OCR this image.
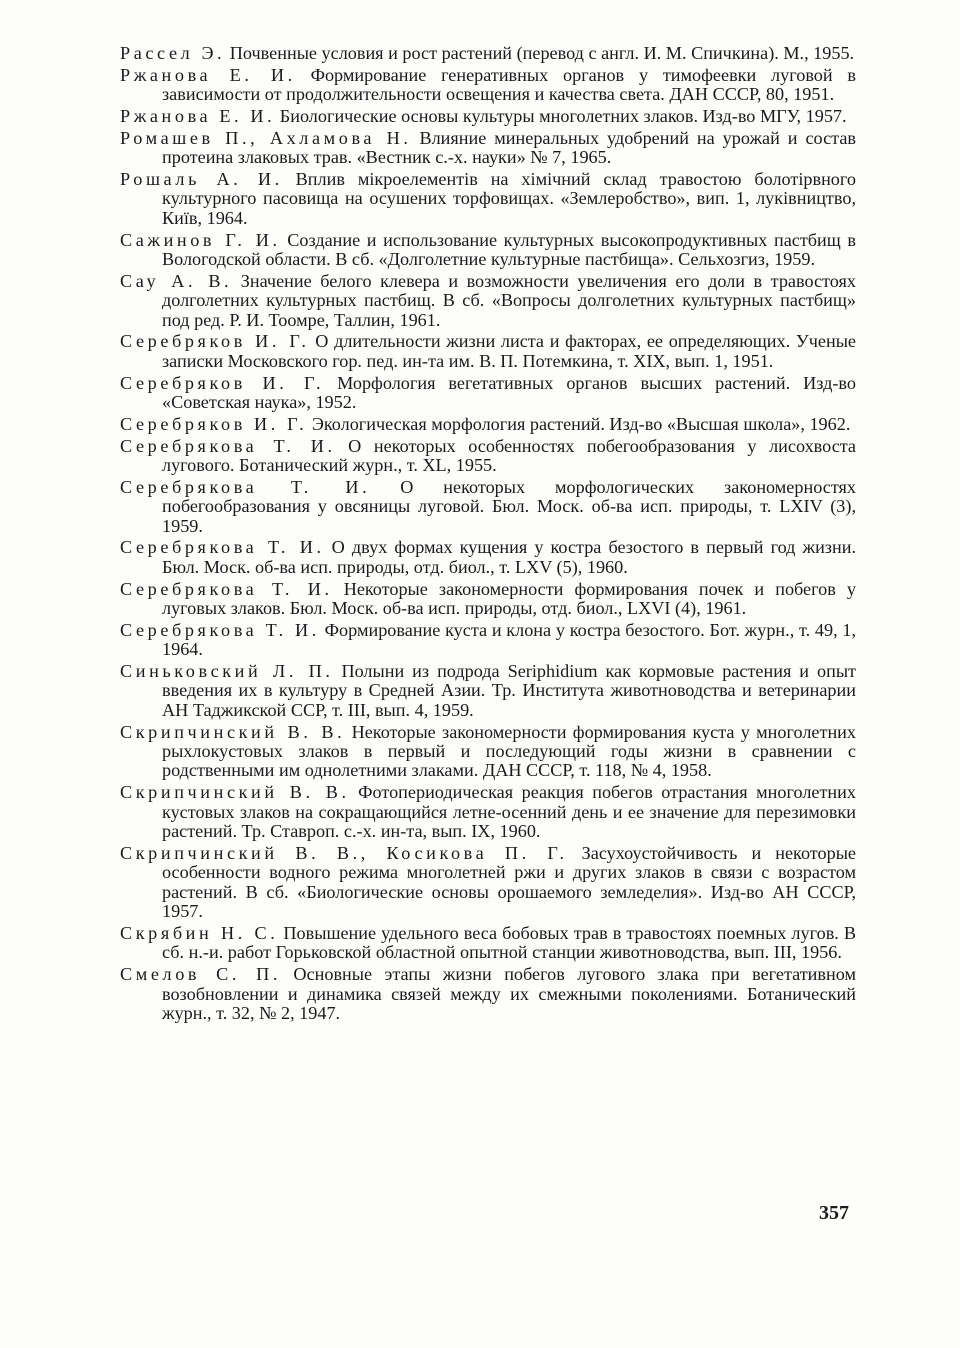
Рассел Э. Почвенные условия и рост растений (перевод с англ. И. М. Спичкина). М., 1955.

Ржанова Е. И. Формирование генеративных органов у тимофеевки луговой в зависимости от продолжительности освещения и качества света. ДАН СССР, 80, 1951.

Ржанова Е. И. Биологические основы культуры многолетних злаков. Изд-во МГУ, 1957.

Ромашев П., Ахламова Н. Влияние минеральных удобрений на урожай и состав протеина злаковых трав. «Вестник с.-х. науки» № 7, 1965.

Рошаль А. И. Вплив мікроелементів на хімічний склад травостою болотірвного культурного пасовища на осушених торфовищах. «Землеробство», вип. 1, лукiвництво, Київ, 1964.

Сажинов Г. И. Создание и использование культурных высокопродуктивных пастбищ в Вологодской области. В сб. «Долголетние культурные пастбища». Сельхозгиз, 1959.

Сау А. В. Значение белого клевера и возможности увеличения его доли в травостоях долголетних культурных пастбищ. В сб. «Вопросы долголетних культурных пастбищ» под ред. Р. И. Тоомре, Таллин, 1961.

Серебряков И. Г. О длительности жизни листа и факторах, ее определяющих. Ученые записки Московского гор. пед. ин-та им. В. П. Потемкина, т. XIX, вып. 1, 1951.

Серебряков И. Г. Морфология вегетативных органов высших растений. Изд-во «Советская наука», 1952.

Серебряков И. Г. Экологическая морфология растений. Изд-во «Высшая школа», 1962.

Серебрякова Т. И. О некоторых особенностях побегообразования у лисохвоста лугового. Ботанический журн., т. XL, 1955.

Серебрякова Т. И. О некоторых морфологических закономерностях побегообразования у овсяницы луговой. Бюл. Моск. об-ва исп. природы, т. LXIV (3), 1959.

Серебрякова Т. И. О двух формах кущения у костра безостого в первый год жизни. Бюл. Моск. об-ва исп. природы, отд. биол., т. LXV (5), 1960.

Серебрякова Т. И. Некоторые закономерности формирования почек и побегов у луговых злаков. Бюл. Моск. об-ва исп. природы, отд. биол., LXVI (4), 1961.

Серебрякова Т. И. Формирование куста и клона у костра безостого. Бот. журн., т. 49, 1, 1964.

Синьковский Л. П. Полыни из подрода Seriphidium как кормовые растения и опыт введения их в культуру в Средней Азии. Тр. Института животноводства и ветеринарии АН Таджикской ССР, т. III, вып. 4, 1959.

Скрипчинский В. В. Некоторые закономерности формирования куста у многолетних рыхлокустовых злаков в первый и последующий годы жизни в сравнении с родственными им однолетними злаками. ДАН СССР, т. 118, № 4, 1958.

Скрипчинский В. В. Фотопериодическая реакция побегов отрастания многолетних кустовых злаков на сокращающийся летне-осенний день и ее значение для перезимовки растений. Тр. Ставроп. с.-х. ин-та, вып. IX, 1960.

Скрипчинский В. В., Косикова П. Г. Засухоустойчивость и некоторые особенности водного режима многолетней ржи и других злаков в связи с возрастом растений. В сб. «Биологические основы орошаемого земледелия». Изд-во АН СССР, 1957.

Скрябин Н. С. Повышение удельного веса бобовых трав в травостоях поемных лугов. В сб. н.-и. работ Горьковской областной опытной станции животноводства, вып. III, 1956.

Смелов С. П. Основные этапы жизни побегов лугового злака при вегетативном возобновлении и динамика связей между их смежными поколениями. Ботанический журн., т. 32, № 2, 1947.

357
